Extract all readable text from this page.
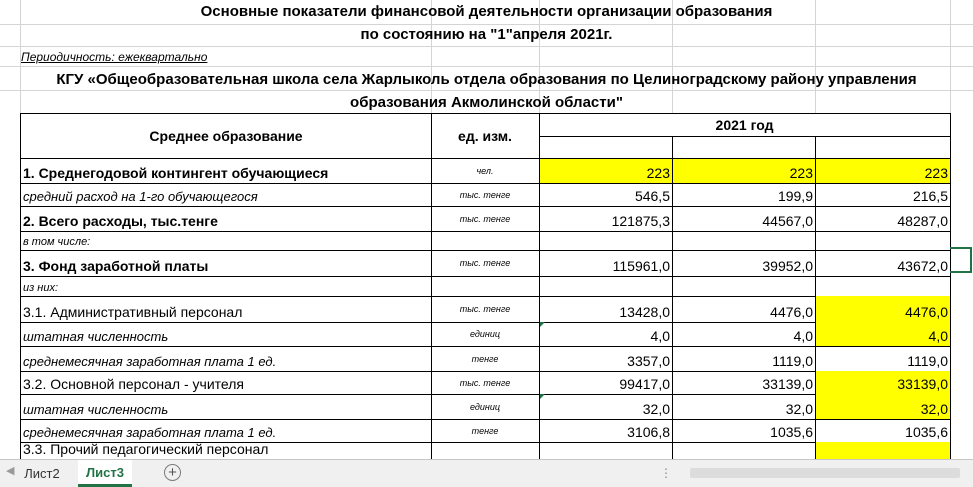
Основные показатели финансовой деятельности организации образования
по состоянию на "1"апреля 2021г.
Периодичность: ежеквартально
КГУ «Общеобразовательная школа села Жарлыколь отдела образования по Целиноградскому району управления
образования Акмолинской области"
Среднее образование	ед. изм.
2021 год
1. Среднегодовой контингент обучающиеся	чел.	223	223	223
средний расход на 1-го обучающегося	тыс. тенге	546,5	199,9	216,5
2. Всего расходы, тыс.тенге	тыс. тенге	121875,3	44567,0	48287,0
в том числе:
3. Фонд заработной платы	тыс. тенге	115961,0	39952,0	43672,0
из них:
3.1. Административный персонал	тыс. тенге	13428,0	4476,0	4476,0
штатная численность	единиц	4,0	4,0	4,0
среднемесячная заработная плата 1 ед.	тенге	3357,0	1119,0	1119,0
3.2. Основной персонал - учителя	тыс. тенге	99417,0	33139,0	33139,0
штатная численность	единиц	32,0	32,0	32,0
среднемесячная заработная плата 1 ед.	тенге	3106,8	1035,6	1035,6
3.3. Прочий педагогический персонал
◀ Лист2	Лист3	+	⋮
